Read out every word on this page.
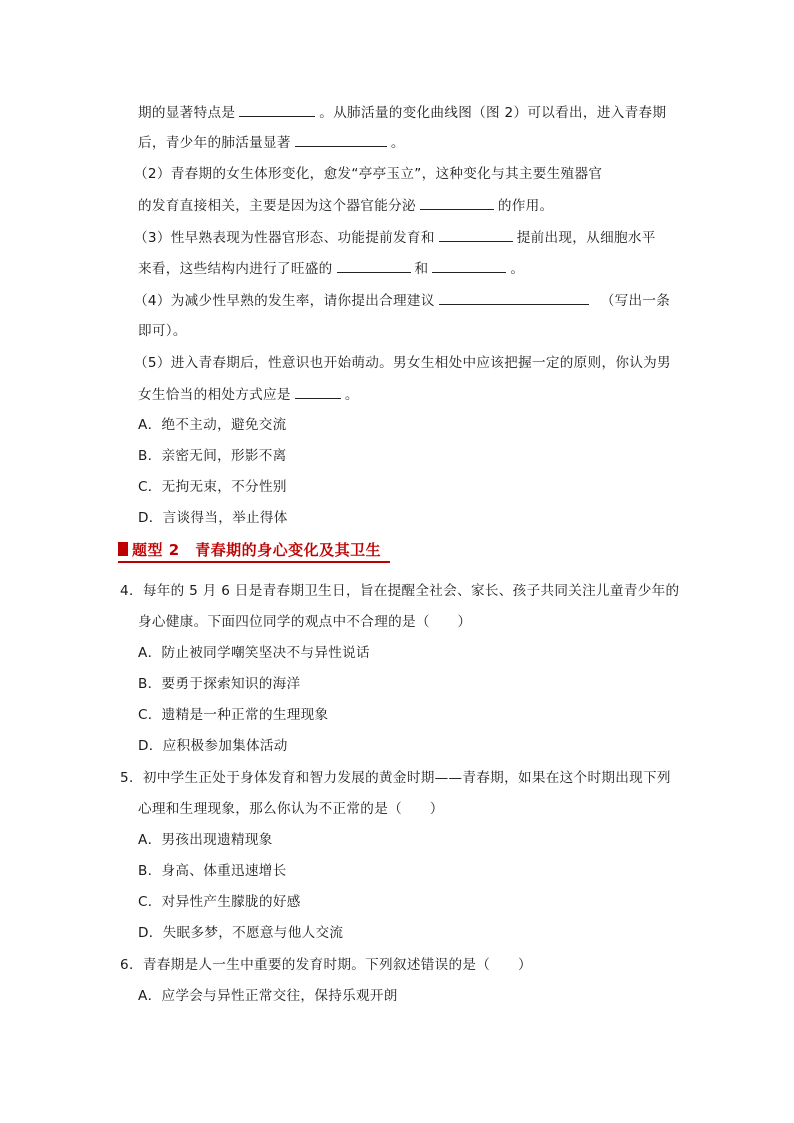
期的显著特点是	。从肺活量的变化曲线图（图 2）可以看出，进入青春期
后，青少年的肺活量显著	。
（2）青春期的女生体形变化，愈发“亭亭玉立”，这种变化与其主要生殖器官
的发育直接相关，主要是因为这个器官能分泌	的作用。
（3）性早熟表现为性器官形态、功能提前发育和	提前出现，从细胞水平
来看，这些结构内进行了旺盛的	和	。
（4）为减少性早熟的发生率，请你提出合理建议	（写出一条
即可）。
（5）进入青春期后，性意识也开始萌动。男女生相处中应该把握一定的原则，你认为男
女生恰当的相处方式应是	。
A．绝不主动，避免交流
B．亲密无间，形影不离
C．无拘无束，不分性别
D．言谈得当，举止得体
题型 2　青春期的身心变化及其卫生
4．每年的 5 月 6 日是青春期卫生日，旨在提醒全社会、家长、孩子共同关注儿童青少年的
身心健康。下面四位同学的观点中不合理的是（　　）
A．防止被同学嘲笑坚决不与异性说话
B．要勇于探索知识的海洋
C．遗精是一种正常的生理现象
D．应积极参加集体活动
5．初中学生正处于身体发育和智力发展的黄金时期——青春期，如果在这个时期出现下列
心理和生理现象，那么你认为不正常的是（　　）
A．男孩出现遗精现象
B．身高、体重迅速增长
C．对异性产生朦胧的好感
D．失眠多梦，不愿意与他人交流
6．青春期是人一生中重要的发育时期。下列叙述错误的是（　　）
A．应学会与异性正常交往，保持乐观开朗
